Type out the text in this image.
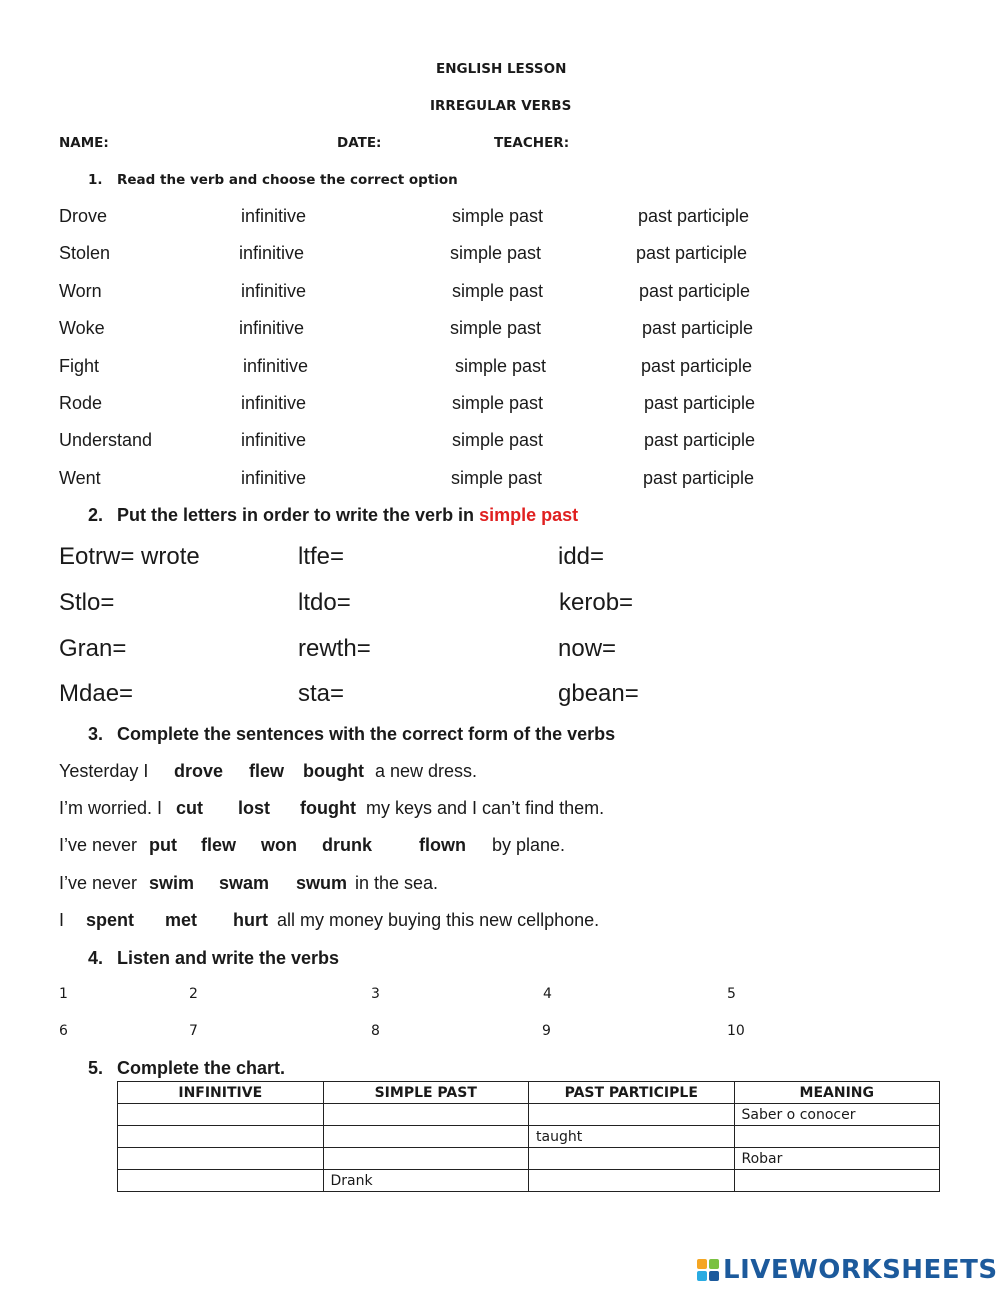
ENGLISH LESSON
IRREGULAR VERBS
NAME:	DATE:	TEACHER:
1. Read the verb and choose the correct option
Drove	infinitive	simple past	past participle
Stolen	infinitive	simple past	past participle
Worn	infinitive	simple past	past participle
Woke	infinitive	simple past	past participle
Fight	infinitive	simple past	past participle
Rode	infinitive	simple past	past participle
Understand	infinitive	simple past	past participle
Went	infinitive	simple past	past participle
2. Put the letters in order to write the verb in simple past
Eotrw= wrote	ltfe=	idd=
Stlo=	ltdo=	kerob=
Gran=	rewth=	now=
Mdae=	sta=	gbean=
3. Complete the sentences with the correct form of the verbs
Yesterday I drove flew bought a new dress.
I’m worried. I cut lost fought my keys and I can’t find them.
I’ve never put flew won drunk	flown by plane.
I’ve never swim swam swum in the sea.
I spent met hurt all my money buying this new cellphone.
4. Listen and write the verbs
1	2	3	4	5
6	7	8	9	10
5. Complete the chart.
INFINITIVE	SIMPLE PAST	PAST PARTICIPLE	MEANING
			Saber o conocer
		taught	
			Robar
	Drank		
LIVEWORKSHEETS
